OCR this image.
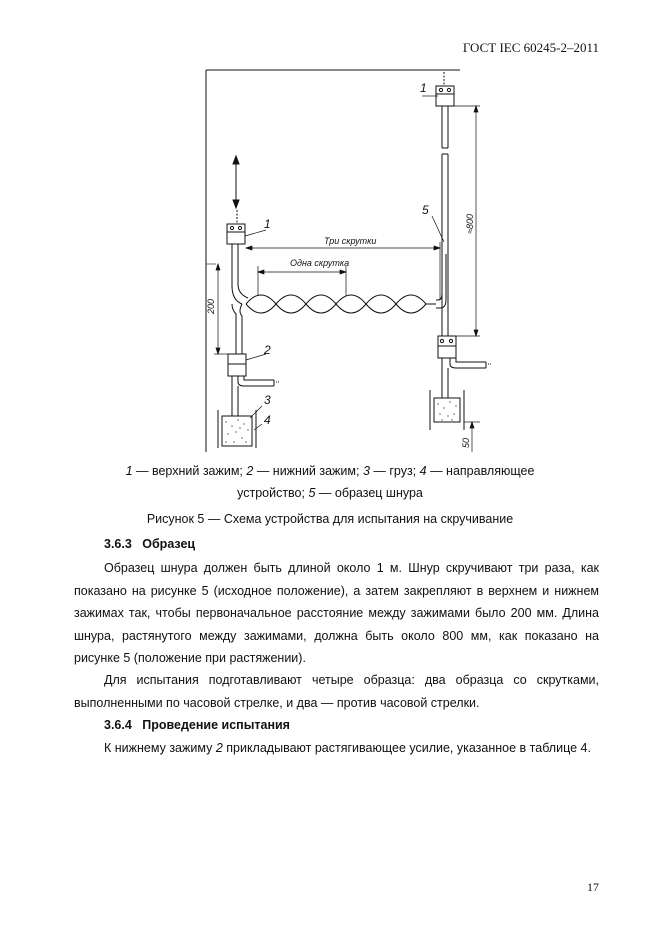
ГОСТ IEC 60245-2–2011
1
1
2
3
4
5
Три скрутки
Одна скрутка
200
≈800
50
1 — верхний зажим; 2 — нижний зажим; 3 — груз; 4 — направляющее
устройство; 5 — образец шнура
Рисунок 5 — Схема устройства для испытания на скручивание
3.6.3 Образец

Образец шнура должен быть длиной около 1 м. Шнур скручивают три раза, как показано на рисунке 5 (исходное положение), а затем закрепляют в верхнем и нижнем зажимах так, чтобы первоначальное расстояние между зажимами было 200 мм. Длина шнура, растянутого между зажимами, должна быть около 800 мм, как показано на рисунке 5 (положение при растяжении).

Для испытания подготавливают четыре образца: два образца со скрутками, выполненными по часовой стрелке, и два — против часовой стрелки.

3.6.4 Проведение испытания

К нижнему зажиму 2 прикладывают растягивающее усилие, указанное в таблице 4.

17
